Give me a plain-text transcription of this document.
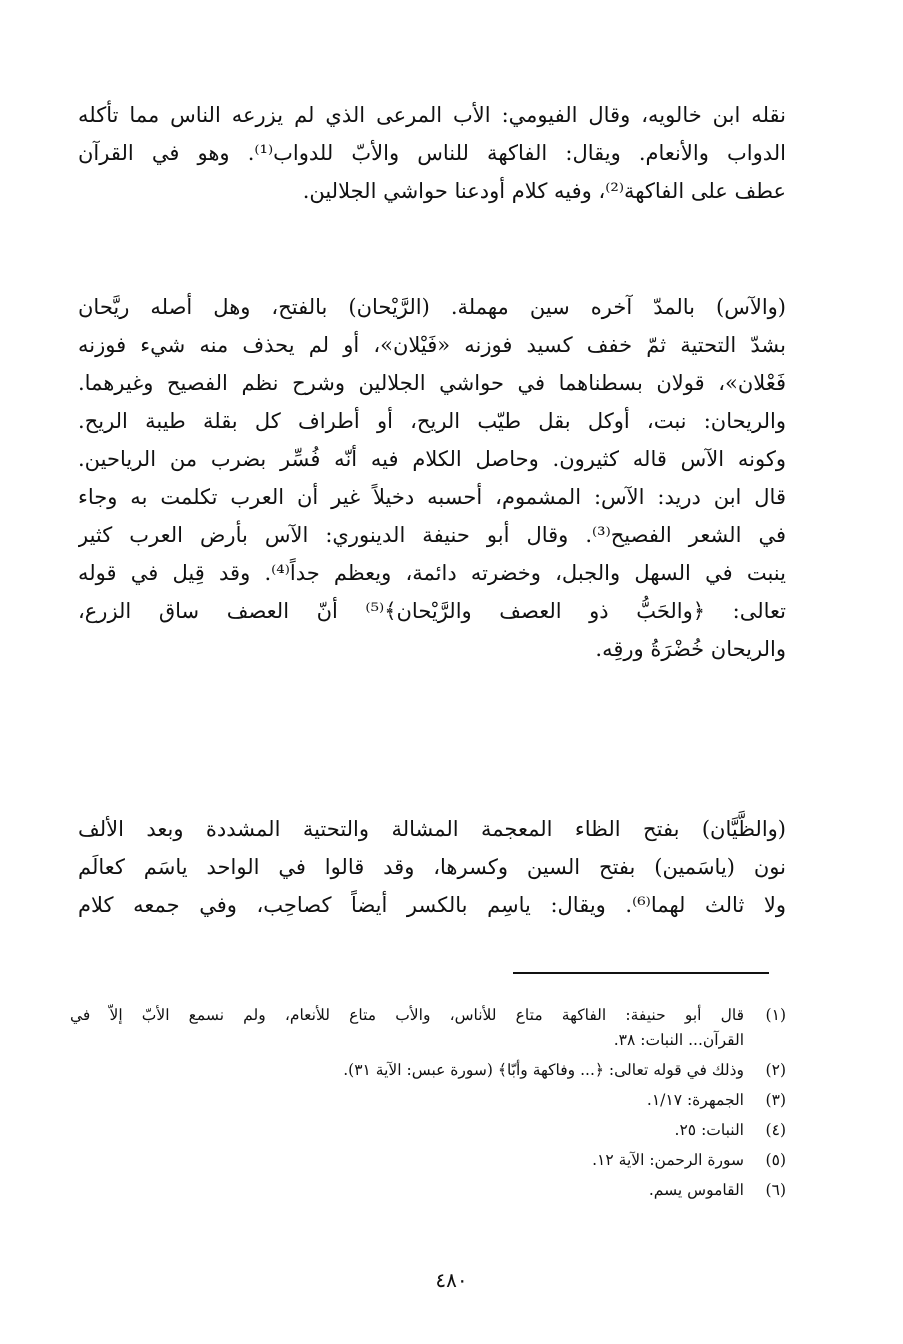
نقله ابن خالويه، وقال الفيومي: الأب المرعى الذي لم يزرعه الناس مما تأكله
الدواب والأنعام. ويقال: الفاكهة للناس والأبّ للدواب⁽¹⁾. وهو في القرآن
عطف على الفاكهة⁽²⁾، وفيه كلام أودعنا حواشي الجلالين.
(والآس) بالمدّ آخره سين مهملة. (الرَّيْحان) بالفتح، وهل أصله ريَّحان
بشدّ التحتية ثمّ خفف كسيد فوزنه «فَيْلان»، أو لم يحذف منه شيء فوزنه
فَعْلان»، قولان بسطناهما في حواشي الجلالين وشرح نظم الفصيح وغيرهما.
والريحان: نبت، أوكل بقل طيّب الريح، أو أطراف كل بقلة طيبة الريح.
وكونه الآس قاله كثيرون. وحاصل الكلام فيه أنّه فُسِّر بضرب من الرياحين.
قال ابن دريد: الآس: المشموم، أحسبه دخيلاً غير أن العرب تكلمت به وجاء
في الشعر الفصيح⁽³⁾. وقال أبو حنيفة الدينوري: الآس بأرض العرب كثير
ينبت في السهل والجبل، وخضرته دائمة، ويعظم جداً⁽⁴⁾. وقد قِيل في قوله
تعالى: ﴿والحَبُّ ذو العصف والرَّيْحان﴾⁽⁵⁾ أنّ العصف ساق الزرع،
والريحان خُضْرَةُ ورقِه.
(والظَّيَّان) بفتح الظاء المعجمة المشالة والتحتية المشددة وبعد الألف
نون (ياسَمين) بفتح السين وكسرها، وقد قالوا في الواحد ياسَم كعالَم
ولا ثالث لهما⁽⁶⁾. ويقال: ياسِم بالكسر أيضاً كصاحِب، وفي جمعه كلام
(١)
قال أبو حنيفة: الفاكهة متاع للأناس، والأب متاع للأنعام، ولم نسمع الأبّ إلاّ في
القرآن... النبات: ٣٨.
(٢)
وذلك في قوله تعالى: ﴿... وفاكهة وأبّا﴾ (سورة عبس: الآية ٣١).
(٣)
الجمهرة: ١/١٧.
(٤)
النبات: ٢٥.
(٥)
سورة الرحمن: الآية ١٢.
(٦)
القاموس يسم.
٤٨٠
